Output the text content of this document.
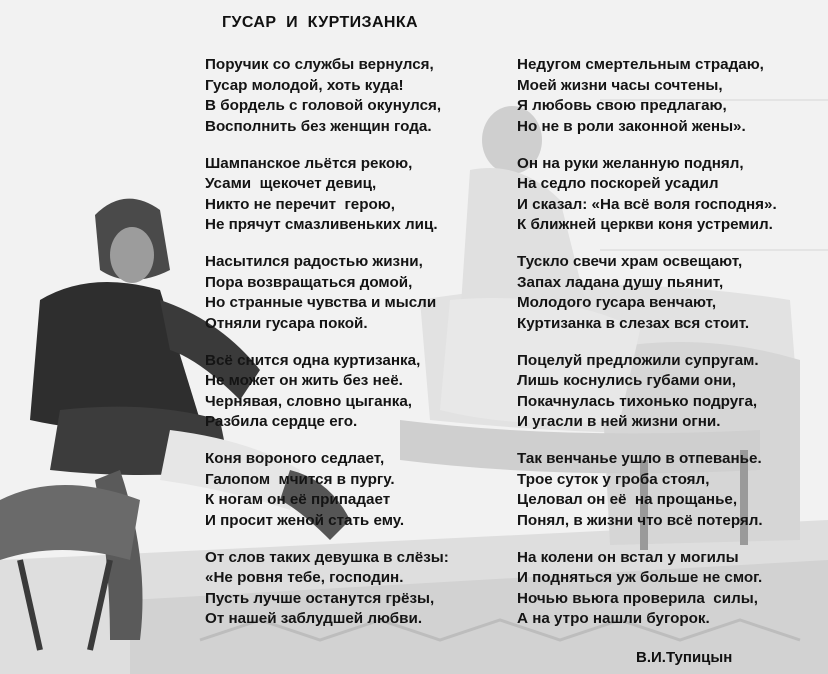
ГУСАР  И  КУРТИЗАНКА
Поручик со службы вернулся,
Гусар молодой, хоть куда!
В бордель с головой окунулся,
Восполнить без женщин года.
Шампанское льётся рекою,
Усами  щекочет девиц,
Никто не перечит  герою,
Не прячут смазливеньких лиц.
Насытился радостью жизни,
Пора возвращаться домой,
Но странные чувства и мысли
Отняли гусара покой.
Всё снится одна куртизанка,
Не может он жить без неё.
Чернявая, словно цыганка,
Разбила сердце его.
Коня вороного седлает,
Галопом  мчится в пургу.
К ногам он её припадает
И просит женой стать ему.
От слов таких девушка в слёзы:
«Не ровня тебе, господин.
Пусть лучше останутся грёзы,
От нашей заблудшей любви.
Недугом смертельным страдаю,
Моей жизни часы сочтены,
Я любовь свою предлагаю,
Но не в роли законной жены».
Он на руки желанную поднял,
На седло поскорей усадил
И сказал: «На всё воля господня».
К ближней церкви коня устремил.
Тускло свечи храм освещают,
Запах ладана душу пьянит,
Молодого гусара венчают,
Куртизанка в слезах вся стоит.
Поцелуй предложили супругам.
Лишь коснулись губами они,
Покачнулась тихонько подруга,
И угасли в ней жизни огни.
Так венчанье ушло в отпеванье.
Трое суток у гроба стоял,
Целовал он её  на прощанье,
Понял, в жизни что всё потерял.
На колени он встал у могилы
И подняться уж больше не смог.
Ночью вьюга проверила  силы,
А на утро нашли бугорок.
В.И.Тупицын
